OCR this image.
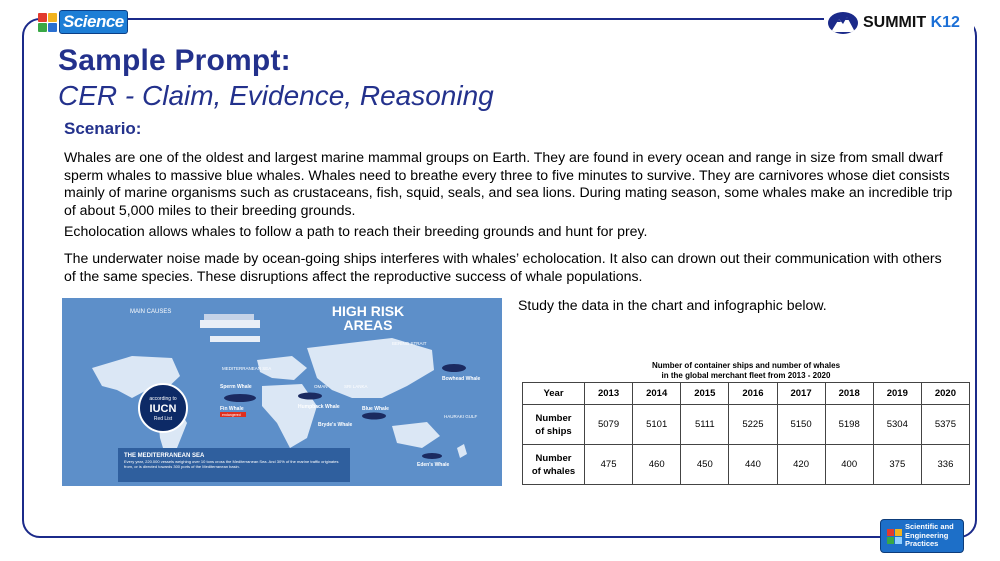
Science	SUMMIT K12
Sample Prompt:
CER - Claim, Evidence, Reasoning
Scenario:

Whales are one of the oldest and largest marine mammal groups on Earth. They are found in every ocean and range in size from small dwarf sperm whales to massive blue whales. Whales need to breathe every three to five minutes to survive. They are carnivores whose diet consists mainly of marine organisms such as crustaceans, fish, squid, seals, and sea lions. During mating season, some whales make an incredible trip of about 5,000 miles to their breeding grounds.

Echolocation allows whales to follow a path to reach their breeding grounds and hunt for prey.

The underwater noise made by ocean-going ships interferes with whales’ echolocation. It also can drown out their communication with others of the same species. These disruptions affect the reproductive success of whale populations.

according to
IUCN
Red List
MAIN CAUSES	HIGH RISK
AREAS
MEDITERRANEAN SEA
OMAN	SRI LANKA
BERING STRAIT
HAURAKI GULF
Sperm Whale
Fin Whale
endangered
Humpback Whale	Blue Whale
Bryde's Whale
Eden's Whale
Bowhead Whale
THE MEDITERRANEAN SEA
Every year, 220.000 vessels weighing over 10 tons cross the Mediterranean Sea. And 30% of the marine traffic originates from, or is directed towards 300 ports of the Mediterranean basin.
Study the data in the chart and infographic below.
Number of container ships and number of whales
in the global merchant fleet from 2013 - 2020
Year	2013	2014	2015	2016	2017	2018	2019	2020
Number
of ships	5079	5101	5111	5225	5150	5198	5304	5375
Number
of whales	475	460	450	440	420	400	375	336
Scientific and Engineering Practices
